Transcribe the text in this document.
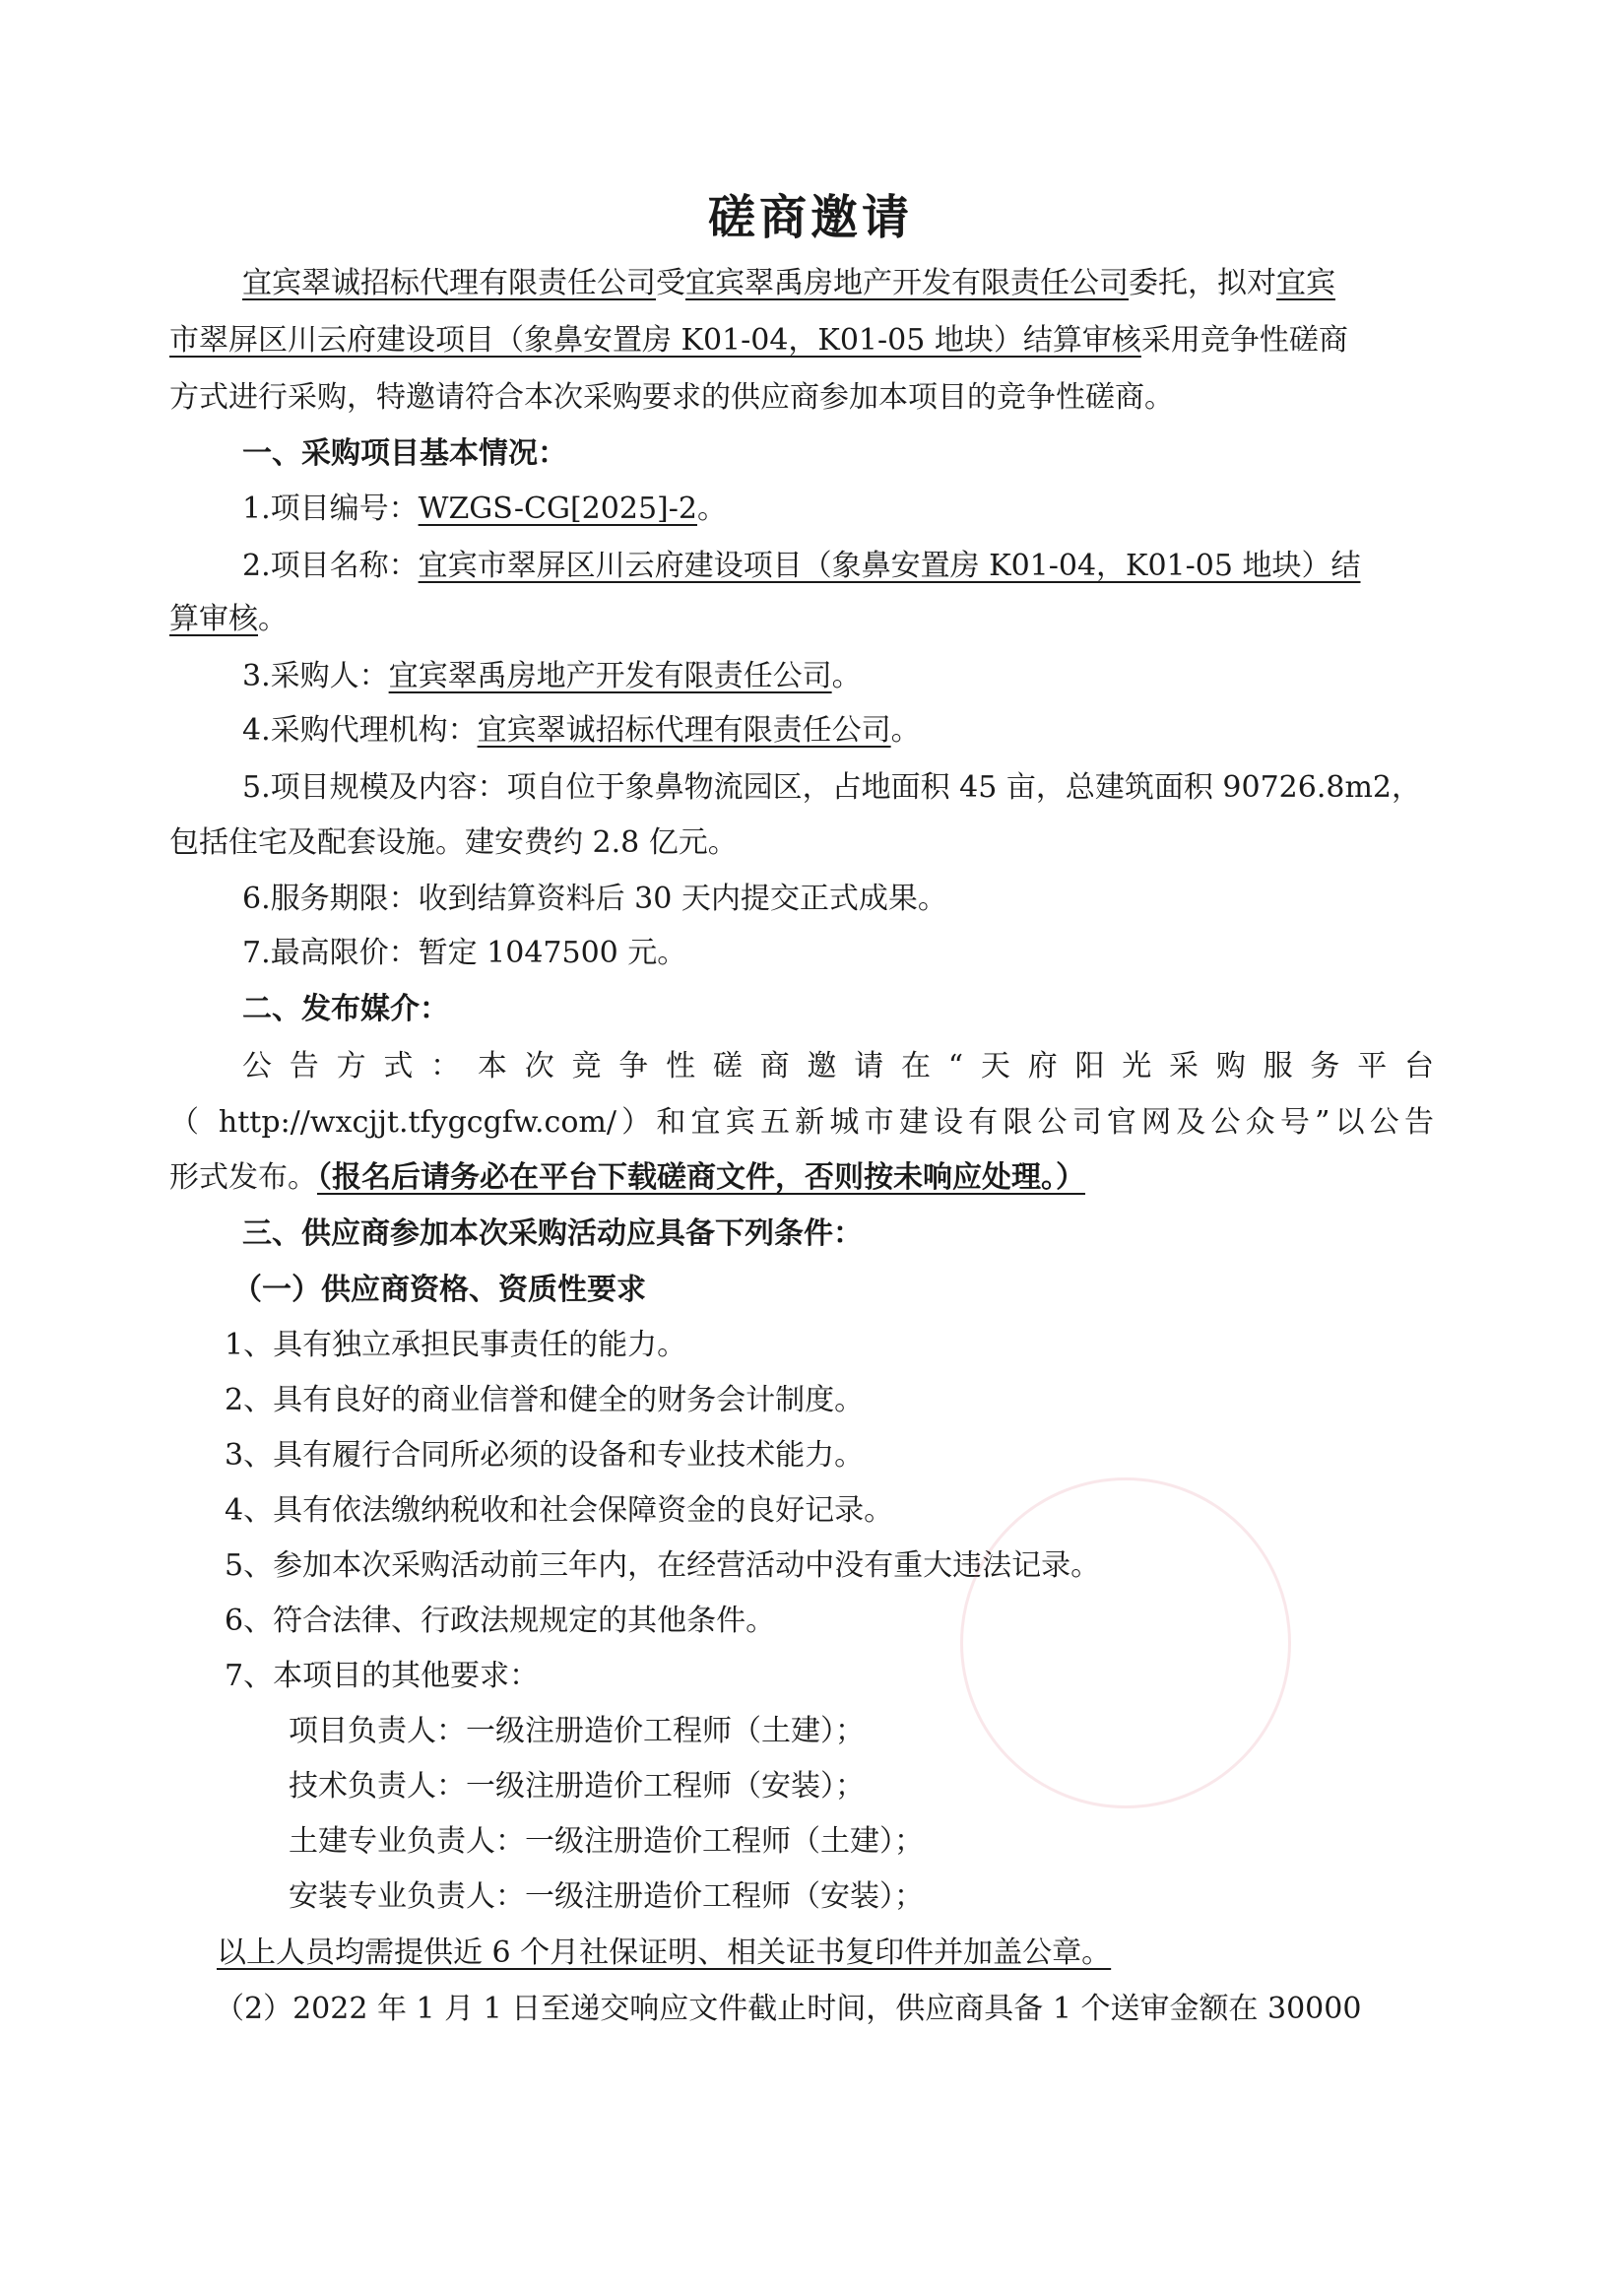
磋商邀请
宜宾翠诚招标代理有限责任公司受宜宾翠禹房地产开发有限责任公司委托，拟对宜宾
市翠屏区川云府建设项目（象鼻安置房 K01-04，K01-05 地块）结算审核采用竞争性磋商
方式进行采购，特邀请符合本次采购要求的供应商参加本项目的竞争性磋商。
一、采购项目基本情况：
1.项目编号：WZGS-CG[2025]-2。
2.项目名称：宜宾市翠屏区川云府建设项目（象鼻安置房 K01-04，K01-05 地块）结
算审核。
3.采购人：宜宾翠禹房地产开发有限责任公司。
4.采购代理机构：宜宾翠诚招标代理有限责任公司。
5.项目规模及内容：项自位于象鼻物流园区，占地面积 45 亩，总建筑面积 90726.8m2，
包括住宅及配套设施。建安费约 2.8 亿元。
6.服务期限：收到结算资料后 30 天内提交正式成果。
7.最高限价：暂定 1047500 元。
二、发布媒介：
公告方式：本次竞争性磋商邀请在“天府阳光采购服务平台
（ http://wxcjjt.tfygcgfw.com/）和宜宾五新城市建设有限公司官网及公众号”以公告
形式发布。（报名后请务必在平台下载磋商文件，否则按未响应处理。）
三、供应商参加本次采购活动应具备下列条件：
（一）供应商资格、资质性要求
1、具有独立承担民事责任的能力。
2、具有良好的商业信誉和健全的财务会计制度。
3、具有履行合同所必须的设备和专业技术能力。
4、具有依法缴纳税收和社会保障资金的良好记录。
5、参加本次采购活动前三年内，在经营活动中没有重大违法记录。
6、符合法律、行政法规规定的其他条件。
7、本项目的其他要求：
项目负责人：一级注册造价工程师（土建）；
技术负责人：一级注册造价工程师（安装）；
土建专业负责人：一级注册造价工程师（土建）；
安装专业负责人：一级注册造价工程师（安装）；
以上人员均需提供近 6 个月社保证明、相关证书复印件并加盖公章。
（2）2022 年 1 月 1 日至递交响应文件截止时间，供应商具备 1 个送审金额在 30000
